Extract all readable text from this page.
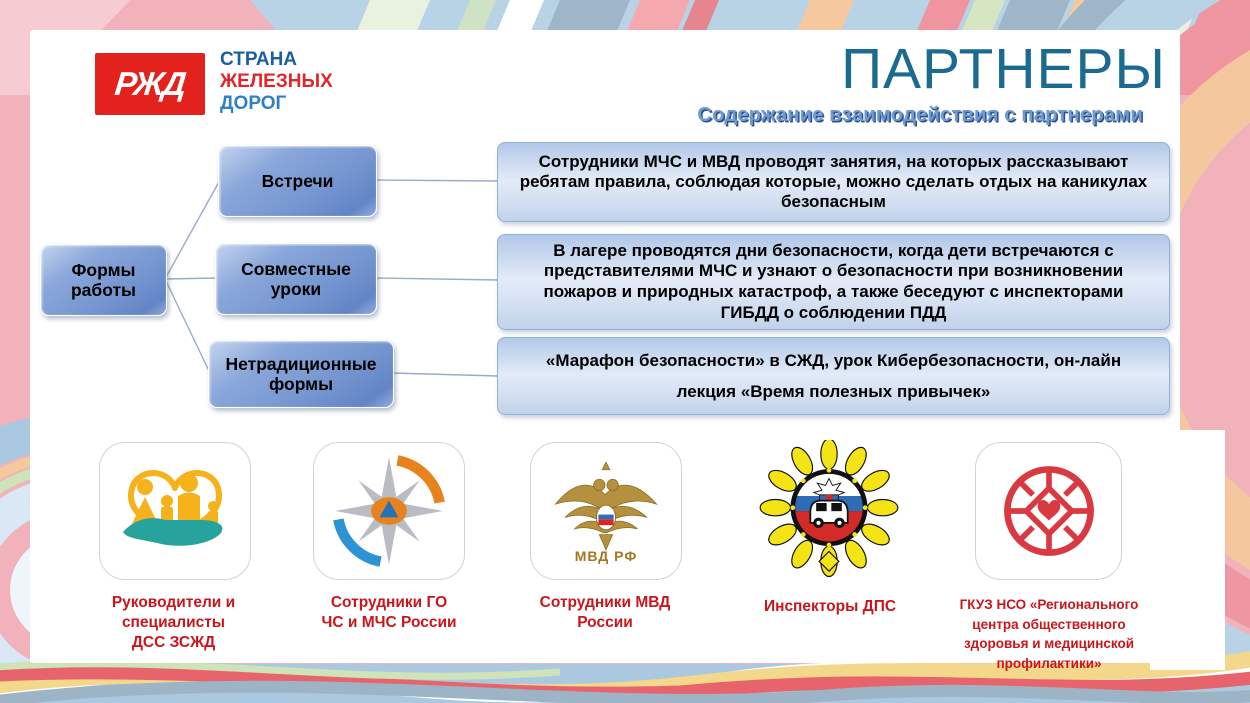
РЖД
СТРАНА
ЖЕЛЕЗНЫХ
ДОРОГ
ПАРТНЕРЫ
Содержание взаимодействия с партнерами
Формы работы
Встречи
Совместные уроки
Нетрадиционные формы
Сотрудники МЧС и МВД проводят занятия, на которых рассказывают ребятам правила, соблюдая которые, можно сделать отдых на каникулах безопасным
В лагере проводятся дни безопасности, когда дети встречаются с представителями МЧС и узнают о безопасности при возникновении пожаров и природных катастроф, а также беседуют с инспекторами ГИБДД о соблюдении ПДД
«Марафон безопасности» в СЖД, урок Кибербезопасности, он-лайн лекция «Время полезных привычек»
МВД РФ
Руководители и
специалисты
ДСС ЗСЖД
Сотрудники ГО
ЧС и МЧС России
Сотрудники МВД
России
Инспекторы ДПС	ГКУЗ НСО «Регионального
центра общественного
здоровья и медицинской
профилактики»
